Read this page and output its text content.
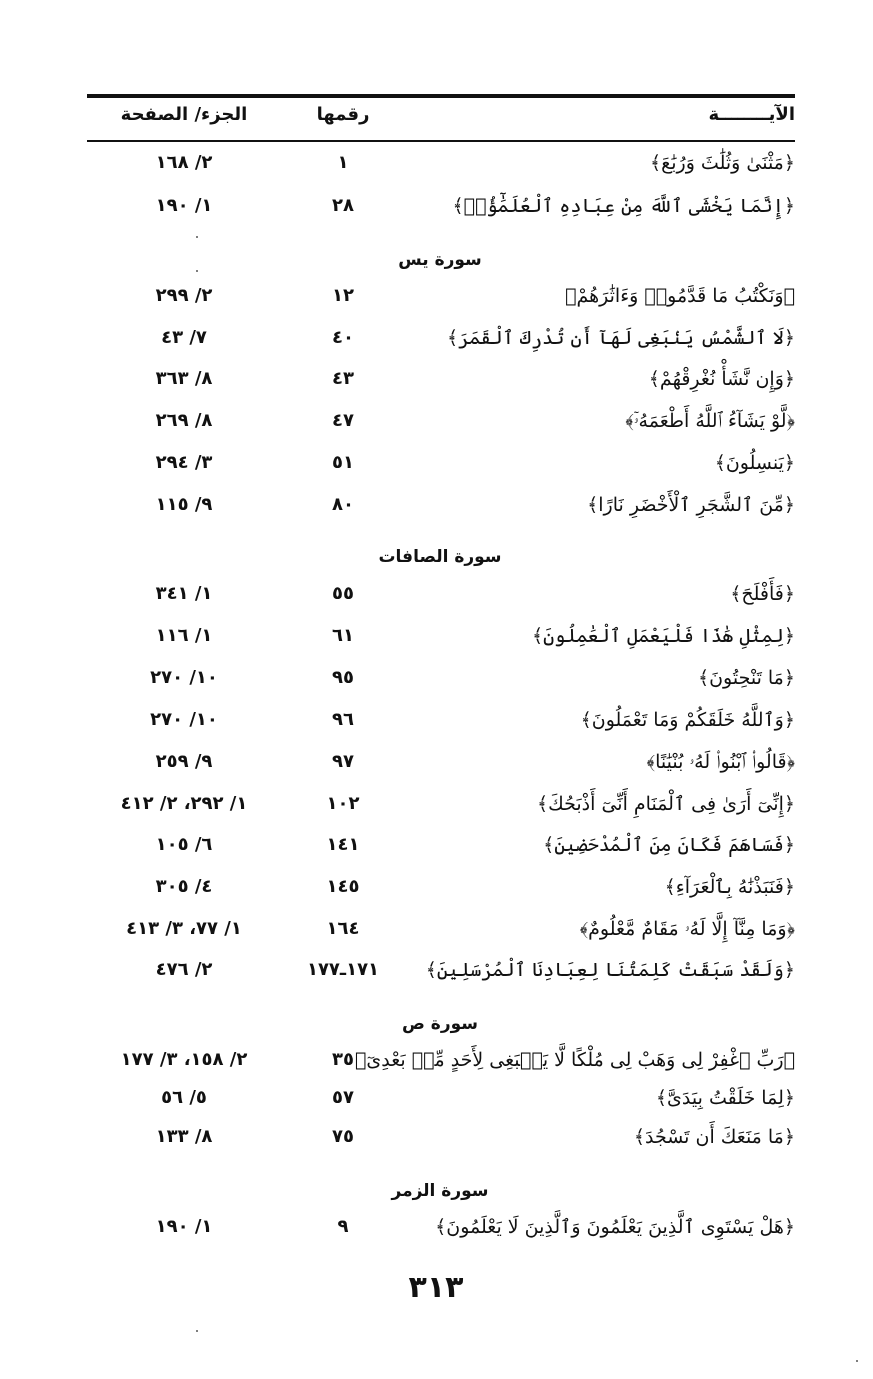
الآيــــــــة
رقمها
الجزء/ الصفحة
﴿مَثْنَىٰ وَثُلَٰثَ وَرُبَٰعَ﴾
١
٢/ ١٦٨
﴿إِنَّمَا يَخْشَى ٱللَّهَ مِنْ عِبَادِهِ ٱلْعُلَمَٰٓؤُا۟﴾
٢٨
١/ ١٩٠
سورة يس
﴿وَنَكْتُبُ مَا قَدَّمُوا۟ وَءَاثَٰرَهُمْ﴾
١٢
٢/ ٢٩٩
﴿لَا ٱلشَّمْسُ يَنۢبَغِى لَهَآ أَن تُدْرِكَ ٱلْقَمَرَ﴾
٤٠
٧/ ٤٣
﴿وَإِن نَّشَأْ نُغْرِقْهُمْ﴾
٤٣
٨/ ٣٦٣
﴿لَّوْ يَشَآءُ ٱللَّهُ أَطْعَمَهُۥٓ﴾
٤٧
٨/ ٢٦٩
﴿يَنسِلُونَ﴾
٥١
٣/ ٢٩٤
﴿مِّنَ ٱلشَّجَرِ ٱلْأَخْضَرِ نَارًا﴾
٨٠
٩/ ١١٥
سورة الصافات
﴿فَأَفْلَحَ﴾
٥٥
١/ ٣٤١
﴿لِمِثْلِ هَٰذَا فَلْيَعْمَلِ ٱلْعَٰمِلُونَ﴾
٦١
١/ ١١٦
﴿مَا تَنْحِتُونَ﴾
٩٥
١٠/ ٢٧٠
﴿وَٱللَّهُ خَلَقَكُمْ وَمَا تَعْمَلُونَ﴾
٩٦
١٠/ ٢٧٠
﴿قَالُوا۟ ٱبْنُوا۟ لَهُۥ بُنْيَٰنًا﴾
٩٧
٩/ ٢٥٩
﴿إِنِّىٓ أَرَىٰ فِى ٱلْمَنَامِ أَنِّىٓ أَذْبَحُكَ﴾
١٠٢
١/ ٢٩٢، ٢/ ٤١٢
﴿فَسَاهَمَ فَكَانَ مِنَ ٱلْمُدْحَضِينَ﴾
١٤١
٦/ ١٠٥
﴿فَنَبَذْنَٰهُ بِٱلْعَرَآءِ﴾
١٤٥
٤/ ٣٠٥
﴿وَمَا مِنَّآ إِلَّا لَهُۥ مَقَامٌ مَّعْلُومٌ﴾
١٦٤
١/ ٧٧، ٣/ ٤١٣
﴿وَلَقَدْ سَبَقَتْ كَلِمَتُنَا لِعِبَادِنَا ٱلْمُرْسَلِينَ﴾
١٧١ـ١٧٧
٢/ ٤٧٦
سورة ص
﴿رَبِّ ٱغْفِرْ لِى وَهَبْ لِى مُلْكًا لَّا يَنۢبَغِى لِأَحَدٍ مِّنۢ بَعْدِىٓ﴾
٣٥
٢/ ١٥٨، ٣/ ١٧٧
﴿لِمَا خَلَقْتُ بِيَدَىَّ﴾
٥٧
٥/ ٥٦
﴿مَا مَنَعَكَ أَن تَسْجُدَ﴾
٧٥
٨/ ١٣٣
سورة الزمر
﴿هَلْ يَسْتَوِى ٱلَّذِينَ يَعْلَمُونَ وَٱلَّذِينَ لَا يَعْلَمُونَ﴾
٩
١/ ١٩٠
٣١٣
